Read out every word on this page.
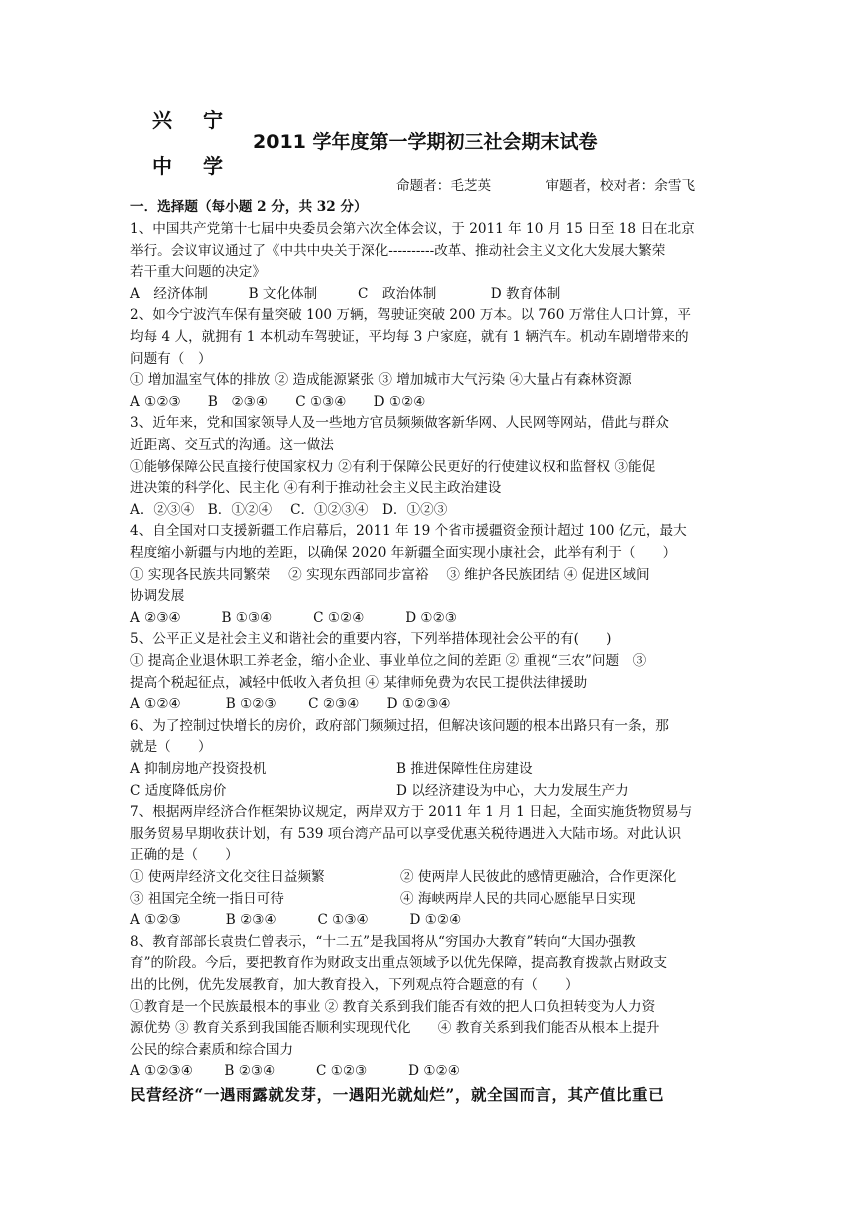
兴 宁
中 学
2011 学年度第一学期初三社会期末试卷
命题者：毛芝英　　　　审题者，校对者：余雪飞
一．选择题（每小题 2 分，共 32 分）
1、中国共产党第十七届中央委员会第六次全体会议，于 2011 年 10 月 15 日至 18 日在北京
举行。会议审议通过了《中共中央关于深化----------改革、推动社会主义文化大发展大繁荣
若干重大问题的决定》
A　经济体制　　　B 文化体制　　　C　政治体制　　　　D 教育体制
2、如今宁波汽车保有量突破 100 万辆，驾驶证突破 200 万本。以 760 万常住人口计算，平
均每 4 人，就拥有 1 本机动车驾驶证，平均每 3 户家庭，就有 1 辆汽车。机动车剧增带来的
问题有（　）
① 增加温室气体的排放 ② 造成能源紧张 ③ 增加城市大气污染 ④大量占有森林资源
A ①②③　　B　②③④　　C ①③④　　D ①②④
3、近年来，党和国家领导人及一些地方官员频频做客新华网、人民网等网站，借此与群众
近距离、交互式的沟通。这一做法
①能够保障公民直接行使国家权力 ②有利于保障公民更好的行使建议权和监督权 ③能促
进决策的科学化、民主化 ④有利于推动社会主义民主政治建设
A．②③④　B．①②④　 C．①②③④　D．①②③
4、自全国对口支援新疆工作启幕后，2011 年 19 个省市援疆资金预计超过 100 亿元，最大
程度缩小新疆与内地的差距，以确保 2020 年新疆全面实现小康社会，此举有利于（　　）
① 实现各民族共同繁荣　 ② 实现东西部同步富裕　 ③ 维护各民族团结 ④ 促进区域间
协调发展
A ②③④　　　B ①③④　　　C ①②④　　　D ①②③
5、公平正义是社会主义和谐社会的重要内容，下列举措体现社会公平的有(　　)
① 提高企业退休职工养老金，缩小企业、事业单位之间的差距 ② 重视“三农”问题　③
提高个税起征点，减轻中低收入者负担 ④ 某律师免费为农民工提供法律援助
A ①②④　　　 B ①②③　　 C ②③④　　D ①②③④
6、为了控制过快增长的房价，政府部门频频过招，但解决该问题的根本出路只有一条，那
就是（　　）
A 抑制房地产投资投机	B 推进保障性住房建设
C 适度降低房价	D 以经济建设为中心，大力发展生产力
7、根据两岸经济合作框架协议规定，两岸双方于 2011 年 1 月 1 日起，全面实施货物贸易与
服务贸易早期收获计划，有 539 项台湾产品可以享受优惠关税待遇进入大陆市场。对此认识
正确的是（　　）
① 使两岸经济文化交往日益频繁	② 使两岸人民彼此的感情更融洽，合作更深化
③ 祖国完全统一指日可待	④ 海峡两岸人民的共同心愿能早日实现
A ①②③　　　 B ②③④　　　C ①③④　　　D ①②④
8、教育部部长袁贵仁曾表示，“十二五”是我国将从“穷国办大教育”转向“大国办强教
育”的阶段。今后，要把教育作为财政支出重点领域予以优先保障，提高教育拨款占财政支
出的比例，优先发展教育，加大教育投入，下列观点符合题意的有（　　）
①教育是一个民族最根本的事业 ② 教育关系到我们能否有效的把人口负担转变为人力资
源优势 ③ 教育关系到我国能否顺利实现现代化　　④ 教育关系到我们能否从根本上提升
公民的综合素质和综合国力
A ①②③④　　 B ②③④　　　C ①②③　　　D ①②④
民营经济“一遇雨露就发芽，一遇阳光就灿烂”，就全国而言，其产值比重已
